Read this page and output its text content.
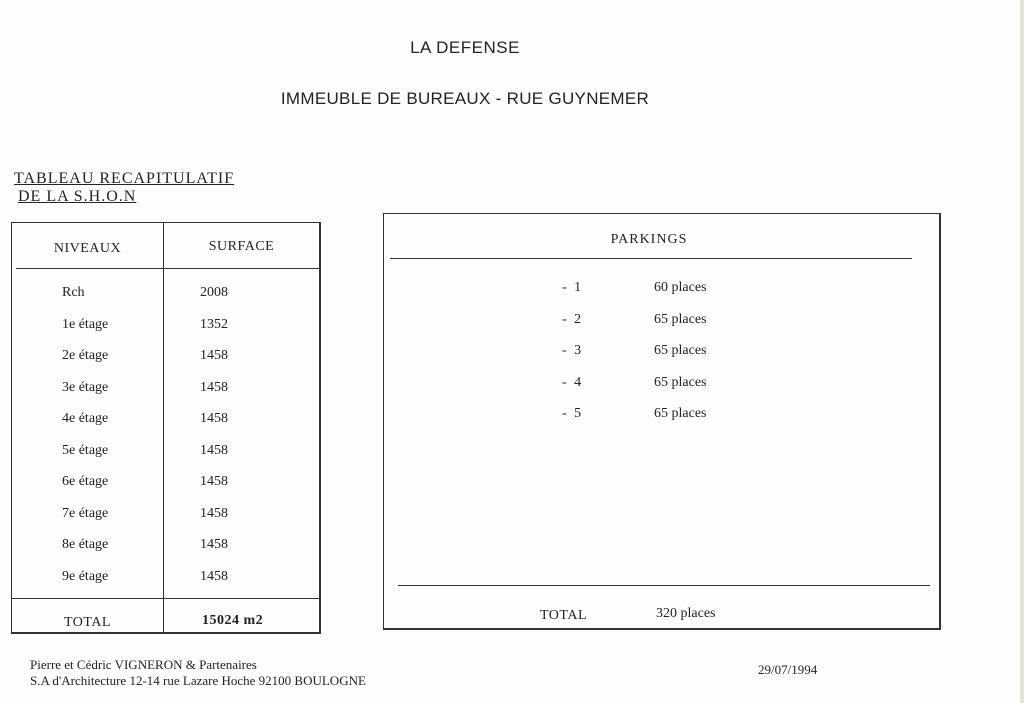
LA DEFENSE
IMMEUBLE DE BUREAUX - RUE GUYNEMER
TABLEAU RECAPITULATIF
DE LA S.H.O.N
NIVEAUX	SURFACE
Rch	2008
1e étage	1352
2e étage	1458
3e étage	1458
4e étage	1458
5e étage	1458
6e étage	1458
7e étage	1458
8e étage	1458
9e étage	1458
TOTAL	15024 m2
PARKINGS
- 1	60 places
- 2	65 places
- 3	65 places
- 4	65 places
- 5	65 places
TOTAL	320 places
Pierre et Cédric VIGNERON & Partenaires
S.A d'Architecture 12-14 rue Lazare Hoche 92100 BOULOGNE
29/07/1994
